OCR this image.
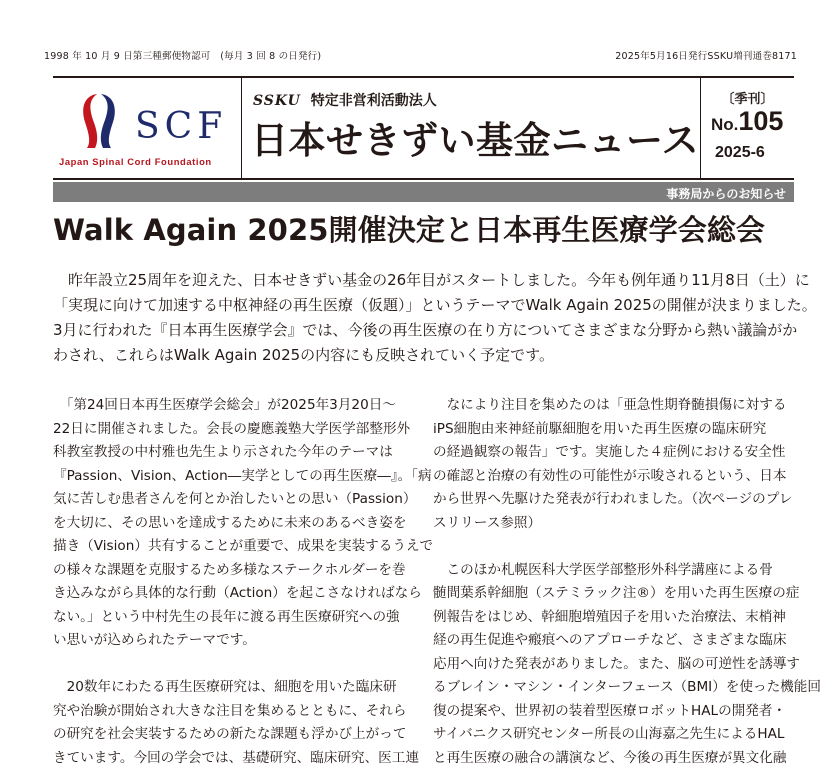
1998 年 10 月 9 日第三種郵便物認可　(毎月 3 回 8 の日発行)	2025年5月16日発行SSKU増刊通巻8171
SCF
Japan Spinal Cord Foundation
SSKU 特定非営利活動法人
日本せきずい基金ニュース
〔季刊〕
No.105
2025-6
事務局からのお知らせ
Walk Again 2025開催決定と日本再生医療学会総会
　昨年設立25周年を迎えた、日本せきずい基金の26年目がスタートしました。今年も例年通り11月8日（土）に
「実現に向けて加速する中枢神経の再生医療（仮題）」というテーマでWalk Again 2025の開催が決まりました。
3月に行われた『日本再生医療学会』では、今後の再生医療の在り方についてさまざまな分野から熱い議論がか
わされ、これらはWalk Again 2025の内容にも反映されていく予定です。
　「第24回日本再生医療学会総会」が2025年3月20日～
22日に開催されました。会長の慶應義塾大学医学部整形外
科教室教授の中村雅也先生より示された今年のテーマは
『Passion、Vision、Action―実学としての再生医療―』。「病
気に苦しむ患者さんを何とか治したいとの思い（Passion）
を大切に、その思いを達成するために未来のあるべき姿を
描き（Vision）共有することが重要で、成果を実装するうえで
の様々な課題を克服するため多様なステークホルダーを巻
き込みながら具体的な行動（Action）を起こさなければなら
ない。」という中村先生の長年に渡る再生医療研究への強
い思いが込められたテーマです。
　20数年にわたる再生医療研究は、細胞を用いた臨床研
究や治験が開始され大きな注目を集めるとともに、それら
の研究を社会実装するための新たな課題も浮かび上がって
きています。今回の学会では、基礎研究、臨床研究、医工連
　なにより注目を集めたのは「亜急性期脊髄損傷に対する
iPS細胞由来神経前駆細胞を用いた再生医療の臨床研究
の経過観察の報告」です。実施した４症例における安全性
の確認と治療の有効性の可能性が示唆されるという、日本
から世界へ先駆けた発表が行われました。（次ページのプレ
スリリース参照）
　このほか札幌医科大学医学部整形外科学講座による骨
髄間葉系幹細胞（ステミラック注®）を用いた再生医療の症
例報告をはじめ、幹細胞増殖因子を用いた治療法、末梢神
経の再生促進や瘢痕へのアプローチなど、さまざまな臨床
応用へ向けた発表がありました。また、脳の可逆性を誘導す
るブレイン・マシン・インターフェース（BMI）を使った機能回
復の提案や、世界初の装着型医療ロボットHALの開発者・
サイバニクス研究センター所長の山海嘉之先生によるHAL
と再生医療の融合の講演など、今後の再生医療が異文化融
